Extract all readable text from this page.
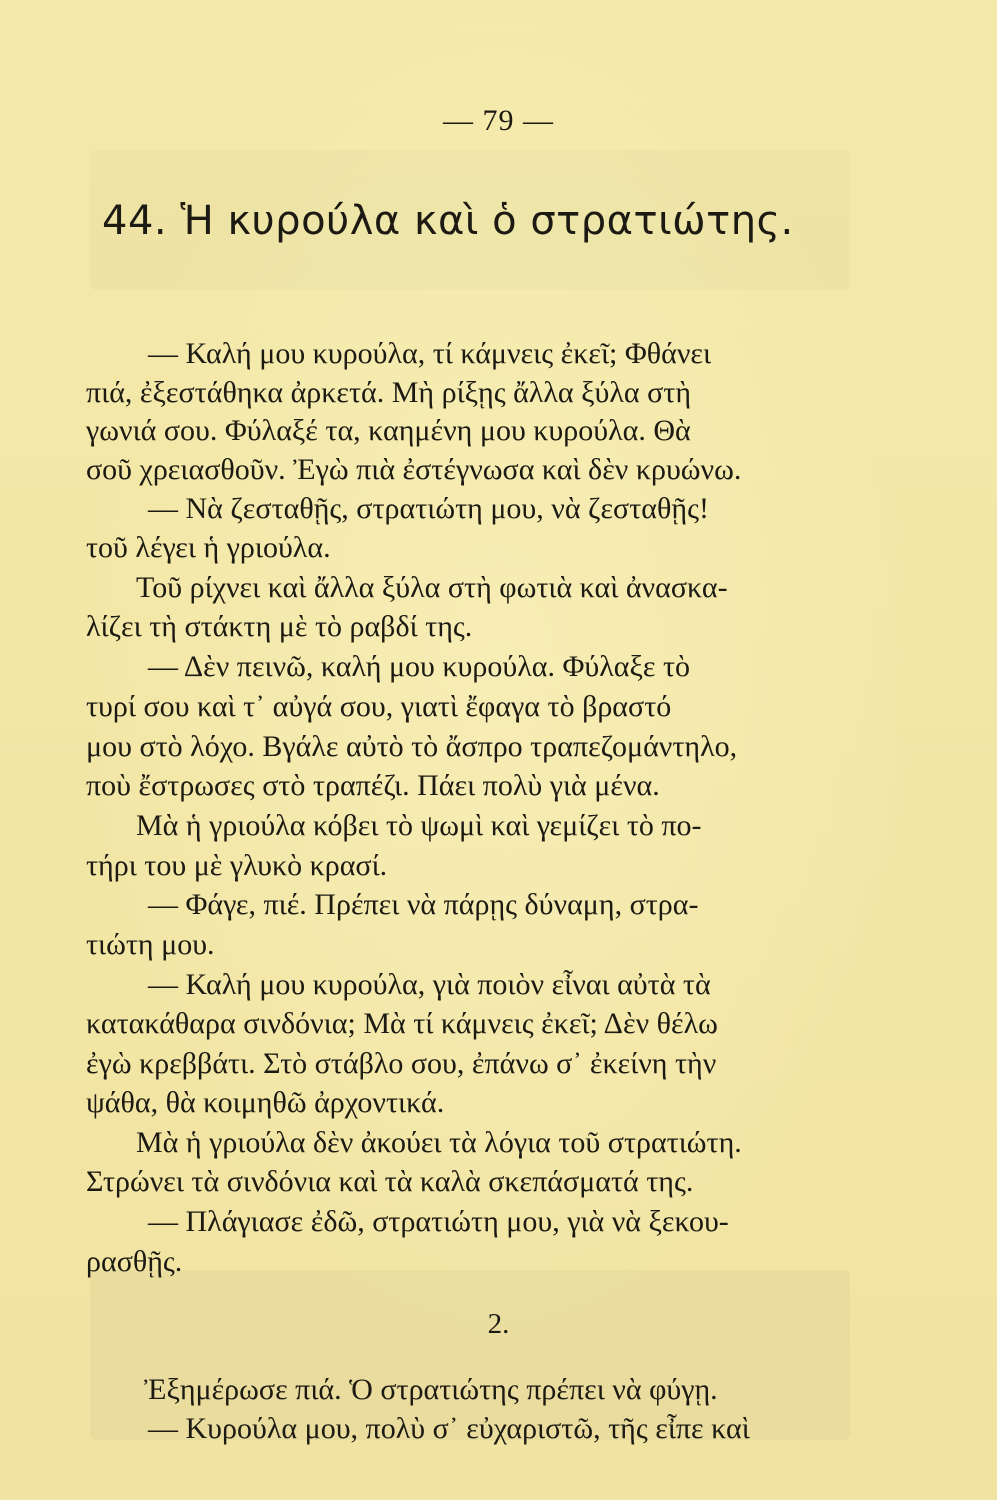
— 79 —
44. Ἡ κυρούλα καὶ ὁ στρατιώτης.
— Καλή μου κυρούλα, τί κάμνεις ἐκεῖ; Φθάνει
πιά, ἐξεστάθηκα ἀρκετά. Μὴ ρίξῃς ἄλλα ξύλα στὴ
γωνιά σου. Φύλαξέ τα, καημένη μου κυρούλα. Θὰ
σοῦ χρειασθοῦν. Ἐγὼ πιὰ ἐστέγνωσα καὶ δὲν κρυώνω.
— Νὰ ζεσταθῇς, στρατιώτη μου, νὰ ζεσταθῇς!
τοῦ λέγει ἡ γριούλα.
Τοῦ ρίχνει καὶ ἄλλα ξύλα στὴ φωτιὰ καὶ ἀνασκα-
λίζει τὴ στάκτη μὲ τὸ ραβδί της.
— Δὲν πεινῶ, καλή μου κυρούλα. Φύλαξε τὸ
τυρί σου καὶ τ᾿ αὐγά σου, γιατὶ ἔφαγα τὸ βραστό
μου στὸ λόχο. Βγάλε αὐτὸ τὸ ἄσπρο τραπεζομάντηλο,
ποὺ ἔστρωσες στὸ τραπέζι. Πάει πολὺ γιὰ μένα.
Μὰ ἡ γριούλα κόβει τὸ ψωμὶ καὶ γεμίζει τὸ πο-
τήρι του μὲ γλυκὸ κρασί.
— Φάγε, πιέ. Πρέπει νὰ πάρῃς δύναμη, στρα-
τιώτη μου.
— Καλή μου κυρούλα, γιὰ ποιὸν εἶναι αὐτὰ τὰ
κατακάθαρα σινδόνια; Μὰ τί κάμνεις ἐκεῖ; Δὲν θέλω
ἐγὼ κρεββάτι. Στὸ στάβλο σου, ἐπάνω σ᾿ ἐκείνη τὴν
ψάθα, θὰ κοιμηθῶ ἀρχοντικά.
Μὰ ἡ γριούλα δὲν ἀκούει τὰ λόγια τοῦ στρατιώτη.
Στρώνει τὰ σινδόνια καὶ τὰ καλὰ σκεπάσματά της.
— Πλάγιασε ἐδῶ, στρατιώτη μου, γιὰ νὰ ξεκου-
ρασθῇς.
2.
Ἐξημέρωσε πιά. Ὁ στρατιώτης πρέπει νὰ φύγῃ.
— Κυρούλα μου, πολὺ σ᾿ εὐχαριστῶ, τῆς εἶπε καὶ
